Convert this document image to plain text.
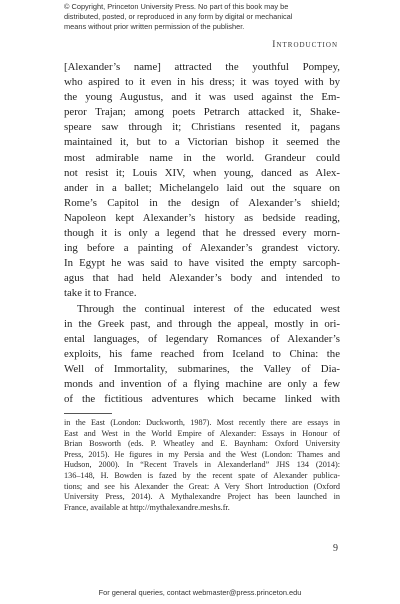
© Copyright, Princeton University Press. No part of this book may be
distributed, posted, or reproduced in any form by digital or mechanical
means without prior written permission of the publisher.
Introduction

[Alexander’s name] attracted the youthful Pompey,
who aspired to it even in his dress; it was toyed with by
the young Augustus, and it was used against the Em-
peror Trajan; among poets Petrarch attacked it, Shake-
speare saw through it; Christians resented it, pagans
maintained it, but to a Victorian bishop it seemed the
most admirable name in the world. Grandeur could
not resist it; Louis XIV, when young, danced as Alex-
ander in a ballet; Michelangelo laid out the square on
Rome’s Capitol in the design of Alexander’s shield;
Napoleon kept Alexander’s history as bedside reading,
though it is only a legend that he dressed every morn-
ing before a painting of Alexander’s grandest victory.
In Egypt he was said to have visited the empty sarcoph-
agus that had held Alexander’s body and intended to
take it to France.

Through the continual interest of the educated west
in the Greek past, and through the appeal, mostly in ori-
ental languages, of legendary Romances of Alexander’s
exploits, his fame reached from Iceland to China: the
Well of Immortality, submarines, the Valley of Dia-
monds and invention of a flying machine are only a few
of the fictitious adventures which became linked with

in the East (London: Duckworth, 1987). Most recently there are essays in
East and West in the World Empire of Alexander: Essays in Honour of
Brian Bosworth (eds. P. Wheatley and E. Baynham: Oxford University
Press, 2015). He figures in my Persia and the West (London: Thames and
Hudson, 2000). In “Recent Travels in Alexanderland” JHS 134 (2014):
136–148, H. Bowden is fazed by the recent spate of Alexander publica-
tions; and see his Alexander the Great: A Very Short Introduction (Oxford
University Press, 2014). A Mythalexandre Project has been launched in
France, available at http://mythalexandre.meshs.fr.
9
For general queries, contact webmaster@press.princeton.edu
